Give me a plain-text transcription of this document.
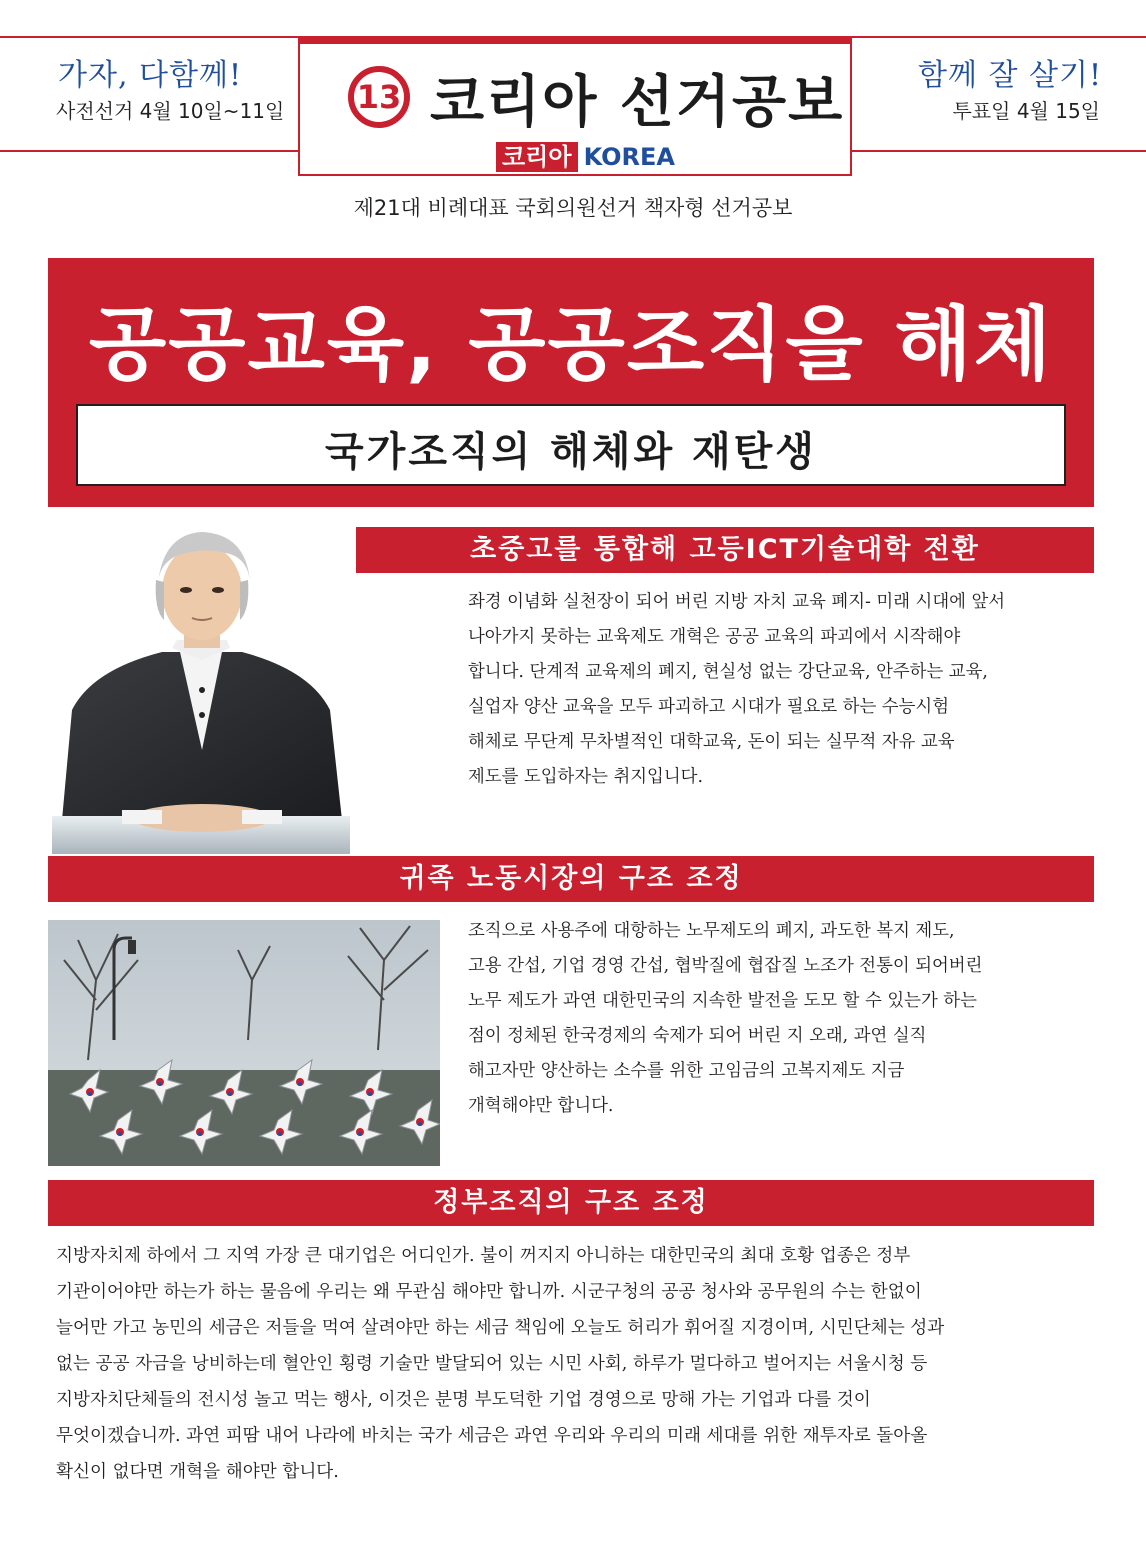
가자, 다함께!
사전선거 4월 10일~11일
함께 잘 살기!
투표일 4월 15일
13 코리아 선거공보
코리아 KOREA
제21대 비례대표 국회의원선거 책자형 선거공보
공공교육, 공공조직을 해체
국가조직의 해체와 재탄생
초중고를 통합해 고등ICT기술대학 전환

좌경 이념화 실천장이 되어 버린 지방 자치 교육 폐지- 미래 시대에 앞서

나아가지 못하는 교육제도 개혁은 공공 교육의 파괴에서 시작해야

합니다. 단계적 교육제의 폐지, 현실성 없는 강단교육, 안주하는 교육,

실업자 양산 교육을 모두 파괴하고 시대가 필요로 하는 수능시험

해체로 무단계 무차별적인 대학교육, 돈이 되는 실무적 자유 교육

제도를 도입하자는 취지입니다.

귀족 노동시장의 구조 조정

조직으로 사용주에 대항하는 노무제도의 폐지, 과도한 복지 제도,

고용 간섭, 기업 경영 간섭, 협박질에 협잡질 노조가 전통이 되어버린

노무 제도가 과연 대한민국의 지속한 발전을 도모 할 수 있는가 하는

점이 정체된 한국경제의 숙제가 되어 버린 지 오래, 과연 실직

해고자만 양산하는 소수를 위한 고임금의 고복지제도 지금

개혁해야만 합니다.

정부조직의 구조 조정

지방자치제 하에서 그 지역 가장 큰 대기업은 어디인가. 불이 꺼지지 아니하는 대한민국의 최대 호황 업종은 정부

기관이어야만 하는가 하는 물음에 우리는 왜 무관심 해야만 합니까. 시군구청의 공공 청사와 공무원의 수는 한없이

늘어만 가고 농민의 세금은 저들을 먹여 살려야만 하는 세금 책임에 오늘도 허리가 휘어질 지경이며, 시민단체는 성과

없는 공공 자금을 낭비하는데 혈안인 횡령 기술만 발달되어 있는 시민 사회, 하루가 멀다하고 벌어지는 서울시청 등

지방자치단체들의 전시성 놀고 먹는 행사, 이것은 분명 부도덕한 기업 경영으로 망해 가는 기업과 다를 것이

무엇이겠습니까. 과연 피땀 내어 나라에 바치는 국가 세금은 과연 우리와 우리의 미래 세대를 위한 재투자로 돌아올

확신이 없다면 개혁을 해야만 합니다.
